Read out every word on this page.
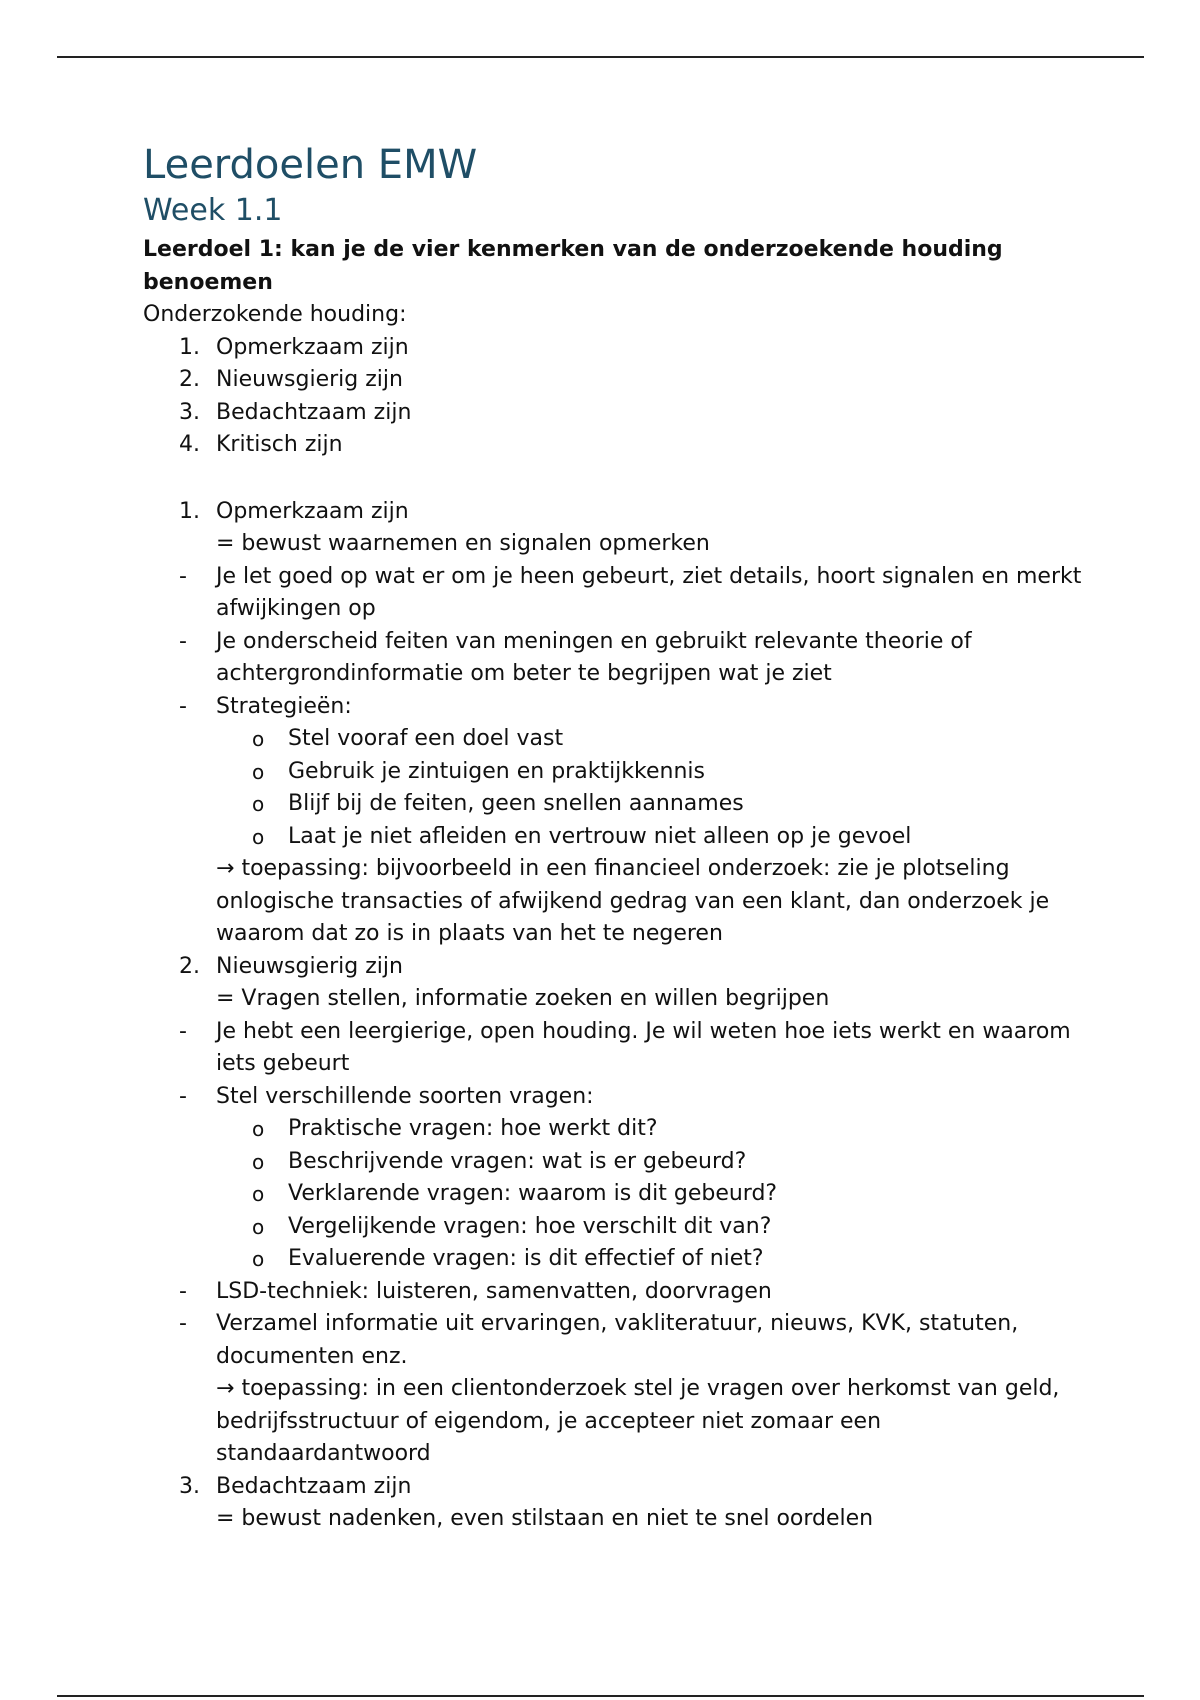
Leerdoelen EMW
Week 1.1
Leerdoel 1: kan je de vier kenmerken van de onderzoekende houding benoemen
Onderzokende houding:
1. Opmerkzaam zijn
2. Nieuwsgierig zijn
3. Bedachtzaam zijn
4. Kritisch zijn
1. Opmerkzaam zijn
= bewust waarnemen en signalen opmerken
- Je let goed op wat er om je heen gebeurt, ziet details, hoort signalen en merkt afwijkingen op
- Je onderscheid feiten van meningen en gebruikt relevante theorie of achtergrondinformatie om beter te begrijpen wat je ziet
- Strategieën:
o Stel vooraf een doel vast
o Gebruik je zintuigen en praktijkkennis
o Blijf bij de feiten, geen snellen aannames
o Laat je niet afleiden en vertrouw niet alleen op je gevoel
→ toepassing: bijvoorbeeld in een financieel onderzoek: zie je plotseling onlogische transacties of afwijkend gedrag van een klant, dan onderzoek je waarom dat zo is in plaats van het te negeren
2. Nieuwsgierig zijn
= Vragen stellen, informatie zoeken en willen begrijpen
- Je hebt een leergierige, open houding. Je wil weten hoe iets werkt en waarom iets gebeurt
- Stel verschillende soorten vragen:
o Praktische vragen: hoe werkt dit?
o Beschrijvende vragen: wat is er gebeurd?
o Verklarende vragen: waarom is dit gebeurd?
o Vergelijkende vragen: hoe verschilt dit van?
o Evaluerende vragen: is dit effectief of niet?
- LSD-techniek: luisteren, samenvatten, doorvragen
- Verzamel informatie uit ervaringen, vakliteratuur, nieuws, KVK, statuten, documenten enz.
→ toepassing: in een clientonderzoek stel je vragen over herkomst van geld, bedrijfsstructuur of eigendom, je accepteer niet zomaar een standaardantwoord
3. Bedachtzaam zijn
= bewust nadenken, even stilstaan en niet te snel oordelen
